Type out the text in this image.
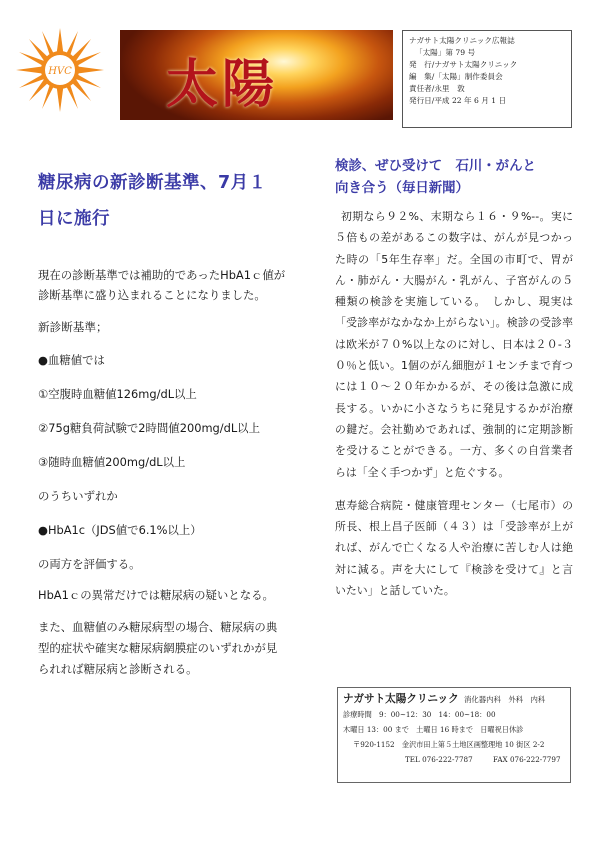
HVC 太陽
ナガサト太陽クリニック広報誌
「太陽」第 79 号
発　行/ナガサト太陽クリニック
編　集/「太陽」制作委員会
責任者/永里　敦
発行日/平成 22 年 6 月 1 日
糖尿病の新診断基準、7月１
日に施行

現在の診断基準では補助的であったHbA1ｃ値が診断基準に盛り込まれることになりました。

新診断基準；

●血糖値では

①空腹時血糖値126mg/dL以上

②75g糖負荷試験で2時間値200mg/dL以上

③随時血糖値200mg/dL以上

のうちいずれか

●HbA1c（JDS値で6.1%以上）

の両方を評価する。

HbA1ｃの異常だけでは糖尿病の疑いとなる。

また、血糖値のみ糖尿病型の場合、糖尿病の典型的症状や確実な糖尿病網膜症のいずれかが見られれば糖尿病と診断される。

検診、ぜひ受けて　石川・がんと
向き合う（毎日新聞）

初期なら９２%、末期なら１６・９%--。実に５倍もの差があるこの数字は、がんが見つかった時の「5年生存率」だ。全国の市町で、胃がん・肺がん・大腸がん・乳がん、子宮がんの５種類の検診を実施している。　しかし、現実は「受診率がなかなか上がらない」。検診の受診率は欧米が７０%以上なのに対し、日本は２０-３０％と低い。1個のがん細胞が１センチまで育つには１０～２０年かかるが、その後は急激に成長する。いかに小さなうちに発見するかが治療の鍵だ。会社勤めであれば、強制的に定期診断を受けることができる。一方、多くの自営業者らは「全く手つかず」と危ぐする。

恵寿総合病院・健康管理センター（七尾市）の所長、根上昌子医師（４３）は「受診率が上がれば、がんで亡くなる人や治療に苦しむ人は絶対に減る。声を大にして『検診を受けて』と言いたい」と話していた。

ナガサト太陽クリニック 消化器内科　外科　内科
診療時間　9：00~12：30　14：00~18：00
木曜日 13：00 まで　土曜日 16 時まで　日曜祝日休診
〒920-1152　金沢市田上第５土地区画整理地 10 街区 2-2
TEL 076-222-7787	FAX 076-222-7797
